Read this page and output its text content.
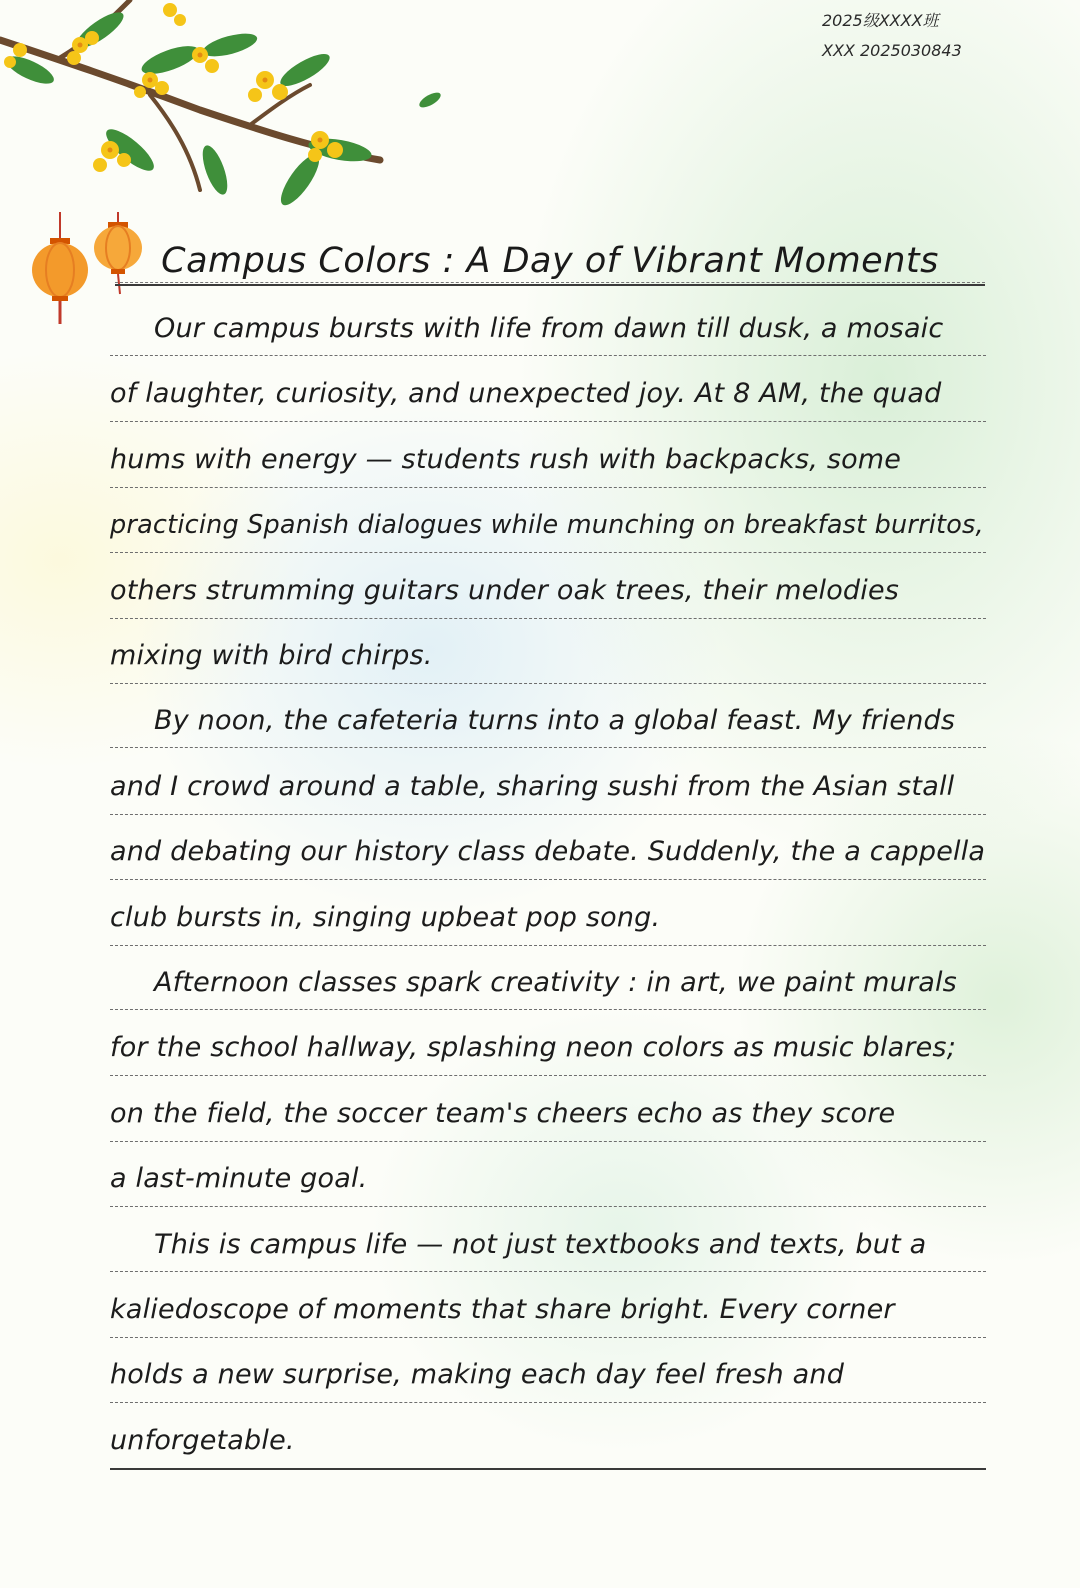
2025级XXXX班
XXX 2025030843
Campus Colors : A Day of Vibrant Moments
Our campus bursts with life from dawn till dusk, a mosaic
of laughter, curiosity, and unexpected joy. At 8 AM, the quad
hums with energy — students rush with backpacks, some
practicing Spanish dialogues while munching on breakfast burritos,
others strumming guitars under oak trees, their melodies
mixing with bird chirps.
By noon, the cafeteria turns into a global feast. My friends
and I crowd around a table, sharing sushi from the Asian stall
and debating our history class debate. Suddenly, the a cappella
club bursts in, singing upbeat pop song.
Afternoon classes spark creativity : in art, we paint murals
for the school hallway, splashing neon colors as music blares;
on the field, the soccer team's cheers echo as they score
a last-minute goal.
This is campus life — not just textbooks and texts, but a
kaliedoscope of moments that share bright. Every corner
holds a new surprise, making each day feel fresh and
unforgetable.
